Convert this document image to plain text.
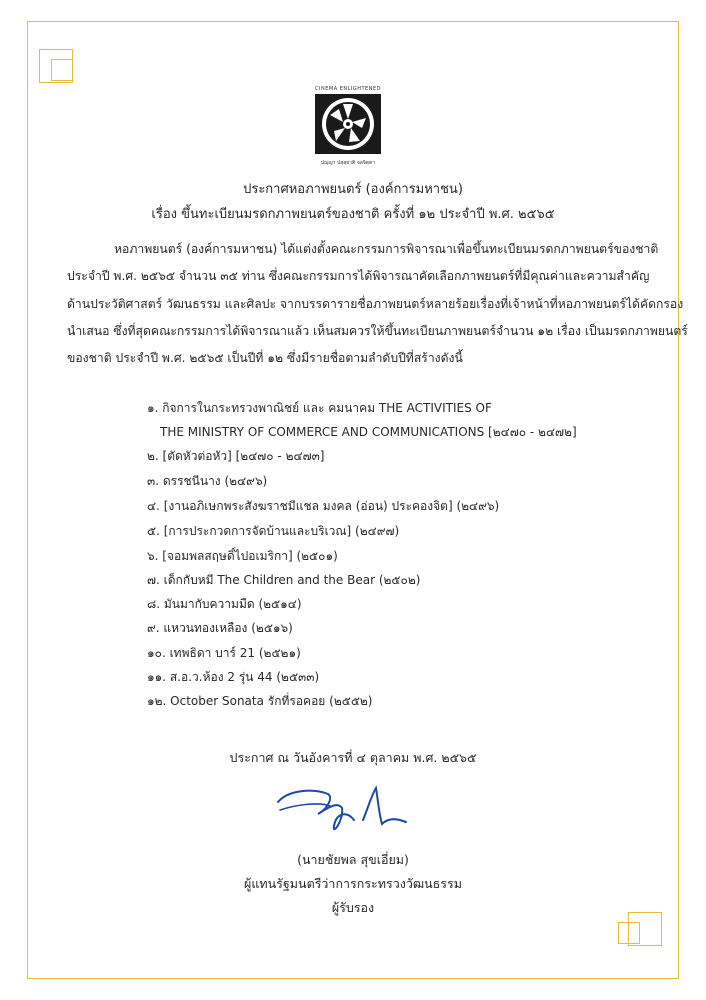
CINEMA ENLIGHTENED
ปญฺญา ปสฺสฺยาติ จลจิตตา
ประกาศหอภาพยนตร์ (องค์การมหาชน)
เรื่อง ขึ้นทะเบียนมรดกภาพยนตร์ของชาติ ครั้งที่ ๑๒ ประจำปี พ.ศ. ๒๕๖๕
หอภาพยนตร์ (องค์การมหาชน) ได้แต่งตั้งคณะกรรมการพิจารณาเพื่อขึ้นทะเบียนมรดกภาพยนตร์ของชาติ
ประจำปี พ.ศ. ๒๕๖๕ จำนวน ๓๕ ท่าน ซึ่งคณะกรรมการได้พิจารณาคัดเลือกภาพยนตร์ที่มีคุณค่าและความสำคัญ
ด้านประวัติศาสตร์ วัฒนธรรม และศิลปะ จากบรรดารายชื่อภาพยนตร์หลายร้อยเรื่องที่เจ้าหน้าที่หอภาพยนตร์ได้คัดกรอง
นำเสนอ ซึ่งที่สุดคณะกรรมการได้พิจารณาแล้ว เห็นสมควรให้ขึ้นทะเบียนภาพยนตร์จำนวน ๑๒ เรื่อง เป็นมรดกภาพยนตร์
ของชาติ ประจำปี พ.ศ. ๒๕๖๕ เป็นปีที่ ๑๒ ซึ่งมีรายชื่อตามลำดับปีที่สร้างดังนี้
๑. กิจการในกระทรวงพาณิชย์ และ คมนาคม THE ACTIVITIES OF
THE MINISTRY OF COMMERCE AND COMMUNICATIONS [๒๔๗๐ - ๒๔๗๒]
๒. [ตัดหัวต่อหัว] [๒๔๗๐ - ๒๔๗๓]
๓. ดรรชนีนาง (๒๔๙๖)
๔. [งานอภิเษกพระสังฆราชมีแชล มงคล (อ่อน) ประคองจิต] (๒๔๙๖)
๕. [การประกวดการจัดบ้านและบริเวณ] (๒๔๙๗)
๖. [จอมพลสฤษดิ์ไปอเมริกา] (๒๕๐๑)
๗. เด็กกับหมี The Children and the Bear (๒๕๐๒)
๘. มันมากับความมืด (๒๕๑๔)
๙. แหวนทองเหลือง (๒๕๑๖)
๑๐. เทพธิดา บาร์ 21 (๒๕๒๑)
๑๑. ส.อ.ว.ห้อง 2 รุ่น 44 (๒๕๓๓)
๑๒. October Sonata รักที่รอคอย (๒๕๕๒)
ประกาศ ณ วันอังคารที่ ๔ ตุลาคม พ.ศ. ๒๕๖๕
(นายชัยพล สุขเอี่ยม)
ผู้แทนรัฐมนตรีว่าการกระทรวงวัฒนธรรม
ผู้รับรอง
